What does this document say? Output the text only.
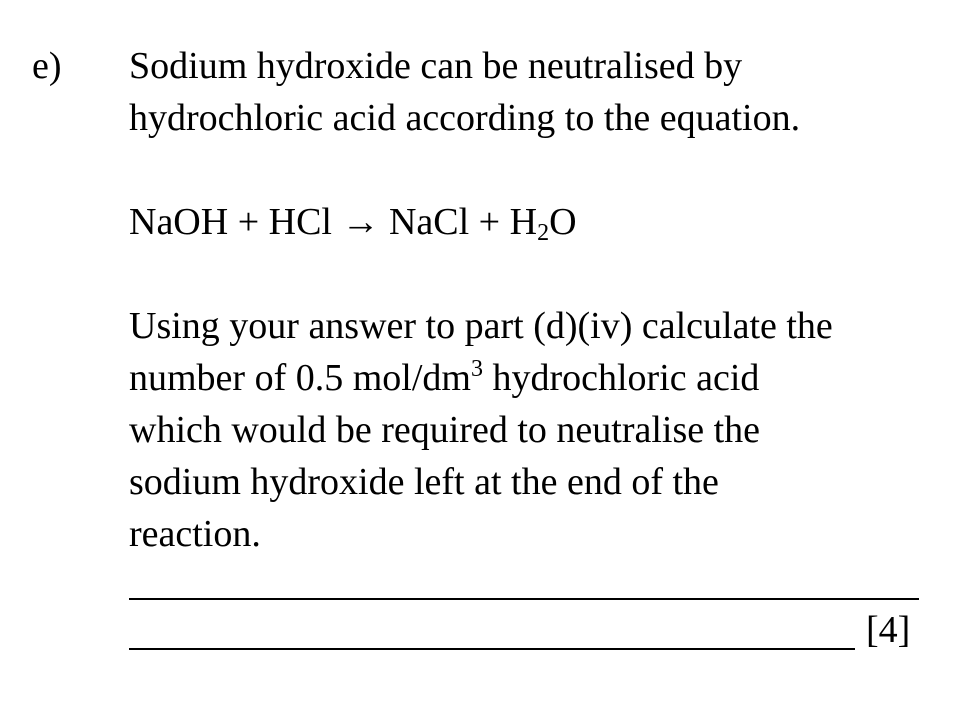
e) Sodium hydroxide can be neutralised by
hydrochloric acid according to the equation.
NaOH + HCl → NaCl + $H_2O$
Using your answer to part (d)(iv) calculate the
number of 0.5 mol/$dm^3$ hydrochloric acid
which would be required to neutralise the
sodium hydroxide left at the end of the
reaction.
[4]
